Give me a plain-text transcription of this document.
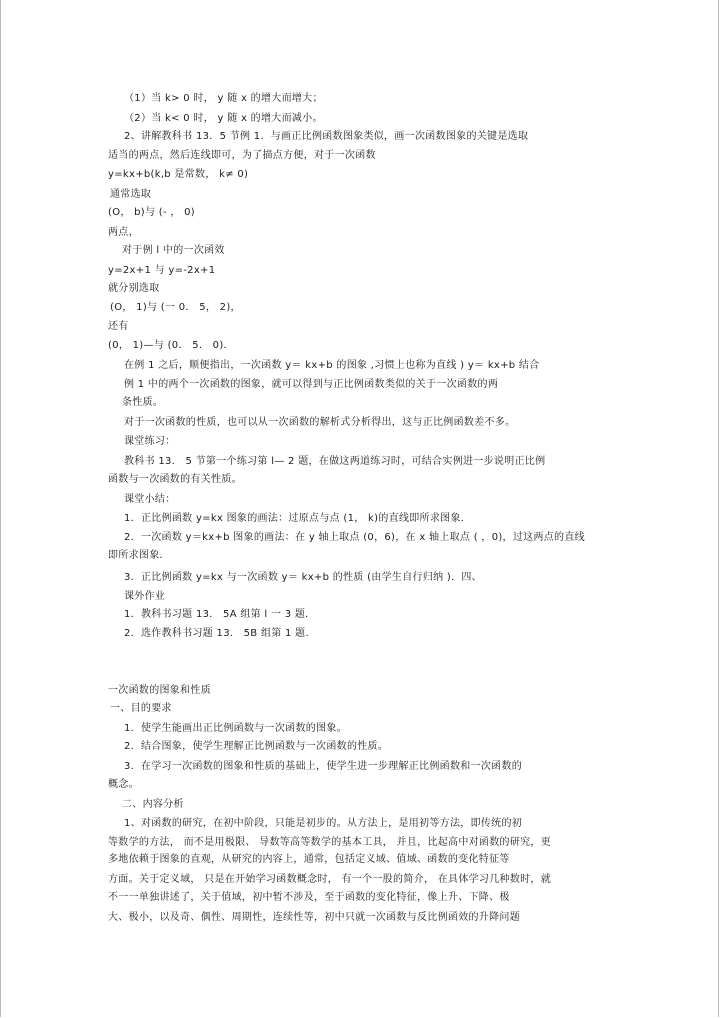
（1）当 k> 0 时， y 随 x 的增大而增大；
（2）当 k< 0 时， y 随 x 的增大而减小。
2、讲解教科书 13．5 节例 1．与画正比例函数图象类似，画一次函数图象的关键是选取
适当的两点，然后连线即可，为了描点方便，对于一次函数
y=kx+b(k,b 是常数， k≠ 0)
通常选取
(O， b)与 (- ， 0)
两点，
对于例 l 中的一次函效
y=2x+1 与 y=-2x+1
就分别选取
(O， 1)与 (一 0． 5， 2)，
还有
(0， 1)—与 (0． 5． 0)．
在例 1 之后，顺便指出，一次函数 y＝ kx+b 的图象 ,习惯上也称为直线 ) y＝ kx+b 结合
例 1 中的两个一次函数的图象，就可以得到与正比例函数类似的关于一次函数的两
条性质。
对于一次函数的性质，也可以从一次函数的解析式分析得出，这与正比例函数差不多。
课堂练习：
教科书 13． 5 节第一个练习第 l— 2 题，在做这两道练习时，可结合实例进一步说明正比例
函数与一次函数的有关性质。
课堂小结：
1．正比例函数 y=kx 图象的画法：过原点与点 (1， k)的直线即所求图象．
2．一次函数 y＝kx+b 图象的画法：在 y 轴上取点 (0，6)，在 x 轴上取点 ( ，0)，过这两点的直线
即所求图象．
3．正比例函数 y=kx 与一次函数 y＝ kx+b 的性质 (由学生自行归纳 )．四、
课外作业
1．教科书习题 13． 5A 组第 l 一 3 题．
2．选作教科书习题 13． 5B 组第 1 题．
一次函数的图象和性质
一、目的要求
1．使学生能画出正比例函数与一次函数的图象。
2．结合图象，使学生理解正比例函数与一次函数的性质。
3．在学习一次函数的图象和性质的基础上，使学生进一步理解正比例函数和一次函数的
概念。
二、内容分析
1、对函数的研究，在初中阶段，只能是初步的。从方法上，是用初等方法，即传统的初
等数学的方法， 而不是用极限、 导数等高等数学的基本工具， 并且，比起高中对函数的研究，更
多地依赖于图象的直观，从研究的内容上，通常，包括定义域、值域、函数的变化特征等
方面。关于定义域， 只是在开始学习函数概念时， 有一个一股的简介， 在具体学习几种数时，就
不一一单独讲述了，关于值域，初中暂不涉及，至于函数的变化特征，像上升、下降、极
大、极小，以及奇、偶性、周期性，连续性等，初中只就一次函数与反比例函效的升降问题
